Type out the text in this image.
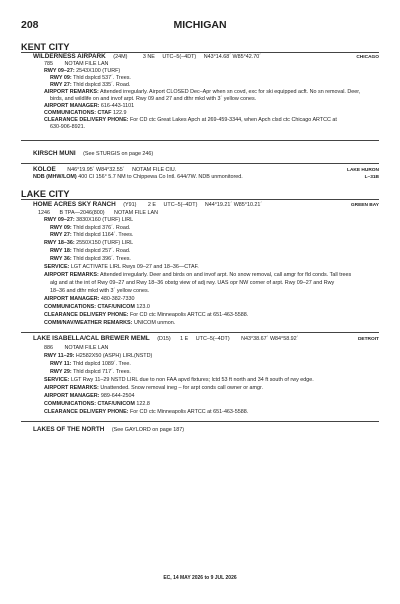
208	MICHIGAN
KENT CITY
WILDERNESS AIRPARK (24M)	3 NE UTC–5(–4DT) N43°14.68´ W85°42.70´	CHICAGO
785 NOTAM FILE LAN
RWY 09–27: 2543X100 (TURF)
RWY 09: Thld dsplcd 537´. Trees.
RWY 27: Thld dsplcd 335´. Road.
AIRPORT REMARKS: Attended irregularly. Airport CLOSED Dec–Apr when sn covd, exc for ski equipped acft. No sn removal. Deer,
birds, and wildlife on and invof arpt. Rwy 09 and 27 and dthr mkd with 3´ yellow cones.
AIRPORT MANAGER: 616-443-1101
COMMUNICATIONS: CTAF 122.9
CLEARANCE DELIVERY PHONE: For CD ctc Great Lakes Apch at 269-459-3344, when Apch clsd ctc Chicago ARTCC at
630-906-8921.
KIRSCH MUNI (See STURGIS on page 246)
KOLOE N46°19.95´ W84°32.55´ NOTAM FILE CIU.	LAKE HURON
NDB (MHW/LOM) 400 CI 156° 5.7 NM to Chippewa Co Intl. 644/7W. NDB unmonitored.	L–31B
LAKE CITY
HOME ACRES SKY RANCH (Y91) 2 E UTC–5(–4DT) N44°19.21´ W85°10.21´	GREEN BAY
1246 B TPA—2046(800) NOTAM FILE LAN
RWY 09–27: 3830X160 (TURF) LIRL
RWY 09: Thld dsplcd 376´. Road.
RWY 27: Thld dsplcd 1164´. Trees.
RWY 18–36: 2550X150 (TURF) LIRL
RWY 18: Thld dsplcd 257´. Road.
RWY 36: Thld dsplcd 396´. Trees.
SERVICE: LGT ACTIVATE LIRL Rwys 09–27 and 18–36—CTAF.
AIRPORT REMARKS: Attended irregularly. Deer and birds on and invof arpt. No snow removal, call amgr for fld conds. Tall trees
alg and at the int of Rwy 09–27 and Rwy 18–36 obstg view of adj rwy. UAS opr NW corner of arpt. Rwy 09–27 and Rwy
18–36 and dthr mkd with 3´ yellow cones.
AIRPORT MANAGER: 480-382-7330
COMMUNICATIONS: CTAF/UNICOM 123.0
CLEARANCE DELIVERY PHONE: For CD ctc Minneapolis ARTCC at 651-463-5588.
COMM/NAV/WEATHER REMARKS: UNICOM unmon.
LAKE ISABELLA/CAL BREWER MEML (D15) 1 E UTC–5(–4DT) N43°38.67´ W84°58.92´	DETROIT
886 NOTAM FILE LAN
RWY 11–29: H2582X50 (ASPH) LIRL(NSTD)
RWY 11: Thld dsplcd 1089´. Tree.
RWY 29: Thld dsplcd 717´. Trees.
SERVICE: LGT Rwy 11–29 NSTD LIRL due to non FAA apvd fixtures; lctd 53 ft north and 34 ft south of rwy edge.
AIRPORT REMARKS: Unattended. Snow removal ineg – for arpt conds call owner or amgr.
AIRPORT MANAGER: 989-644-2504
COMMUNICATIONS: CTAF/UNICOM 122.8
CLEARANCE DELIVERY PHONE: For CD ctc Minneapolis ARTCC at 651-463-5588.
LAKES OF THE NORTH (See GAYLORD on page 187)
EC, 14 MAY 2026 to 9 JUL 2026
